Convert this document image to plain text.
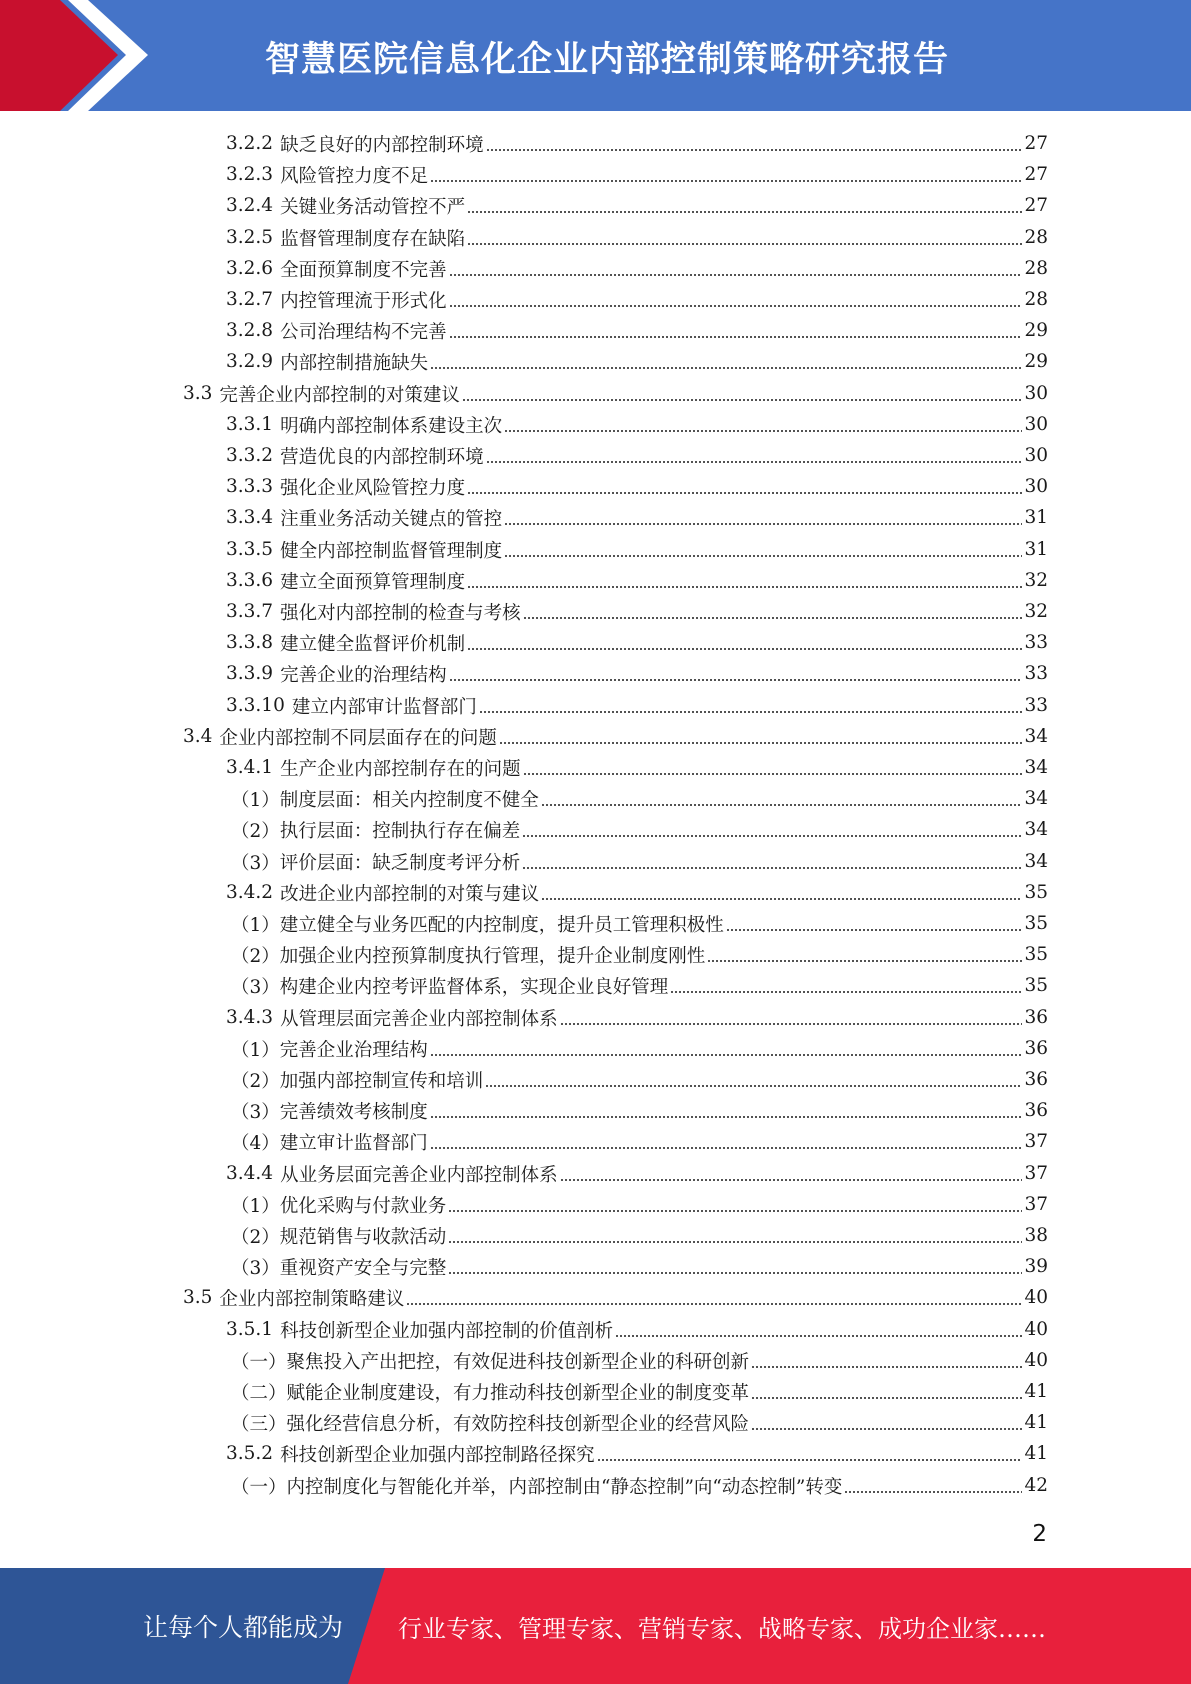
智慧医院信息化企业内部控制策略研究报告
3.2.2 缺乏良好的内部控制环境	27
3.2.3 风险管控力度不足	27
3.2.4 关键业务活动管控不严	27
3.2.5 监督管理制度存在缺陷	28
3.2.6 全面预算制度不完善	28
3.2.7 内控管理流于形式化	28
3.2.8 公司治理结构不完善	29
3.2.9 内部控制措施缺失	29
3.3 完善企业内部控制的对策建议	30
3.3.1 明确内部控制体系建设主次	30
3.3.2 营造优良的内部控制环境	30
3.3.3 强化企业风险管控力度	30
3.3.4 注重业务活动关键点的管控	31
3.3.5 健全内部控制监督管理制度	31
3.3.6 建立全面预算管理制度	32
3.3.7 强化对内部控制的检查与考核	32
3.3.8 建立健全监督评价机制	33
3.3.9 完善企业的治理结构	33
3.3.10 建立内部审计监督部门	33
3.4 企业内部控制不同层面存在的问题	34
3.4.1 生产企业内部控制存在的问题	34
（1） 制度层面：相关内控制度不健全	34
（2） 执行层面：控制执行存在偏差	34
（3） 评价层面：缺乏制度考评分析	34
3.4.2 改进企业内部控制的对策与建议	35
（1） 建立健全与业务匹配的内控制度，提升员工管理积极性	35
（2） 加强企业内控预算制度执行管理，提升企业制度刚性	35
（3） 构建企业内控考评监督体系，实现企业良好管理	35
3.4.3 从管理层面完善企业内部控制体系	36
（1） 完善企业治理结构	36
（2） 加强内部控制宣传和培训	36
（3） 完善绩效考核制度	36
（4） 建立审计监督部门	37
3.4.4 从业务层面完善企业内部控制体系	37
（1） 优化采购与付款业务	37
（2） 规范销售与收款活动	38
（3） 重视资产安全与完整	39
3.5 企业内部控制策略建议	40
3.5.1 科技创新型企业加强内部控制的价值剖析	40
（一） 聚焦投入产出把控，有效促进科技创新型企业的科研创新	40
（二） 赋能企业制度建设，有力推动科技创新型企业的制度变革	41
（三） 强化经营信息分析，有效防控科技创新型企业的经营风险	41
3.5.2 科技创新型企业加强内部控制路径探究	41
（一） 内控制度化与智能化并举，内部控制由“静态控制”向“动态控制”转变	42
2
让每个人都能成为 行业专家、管理专家、营销专家、战略专家、成功企业家……
